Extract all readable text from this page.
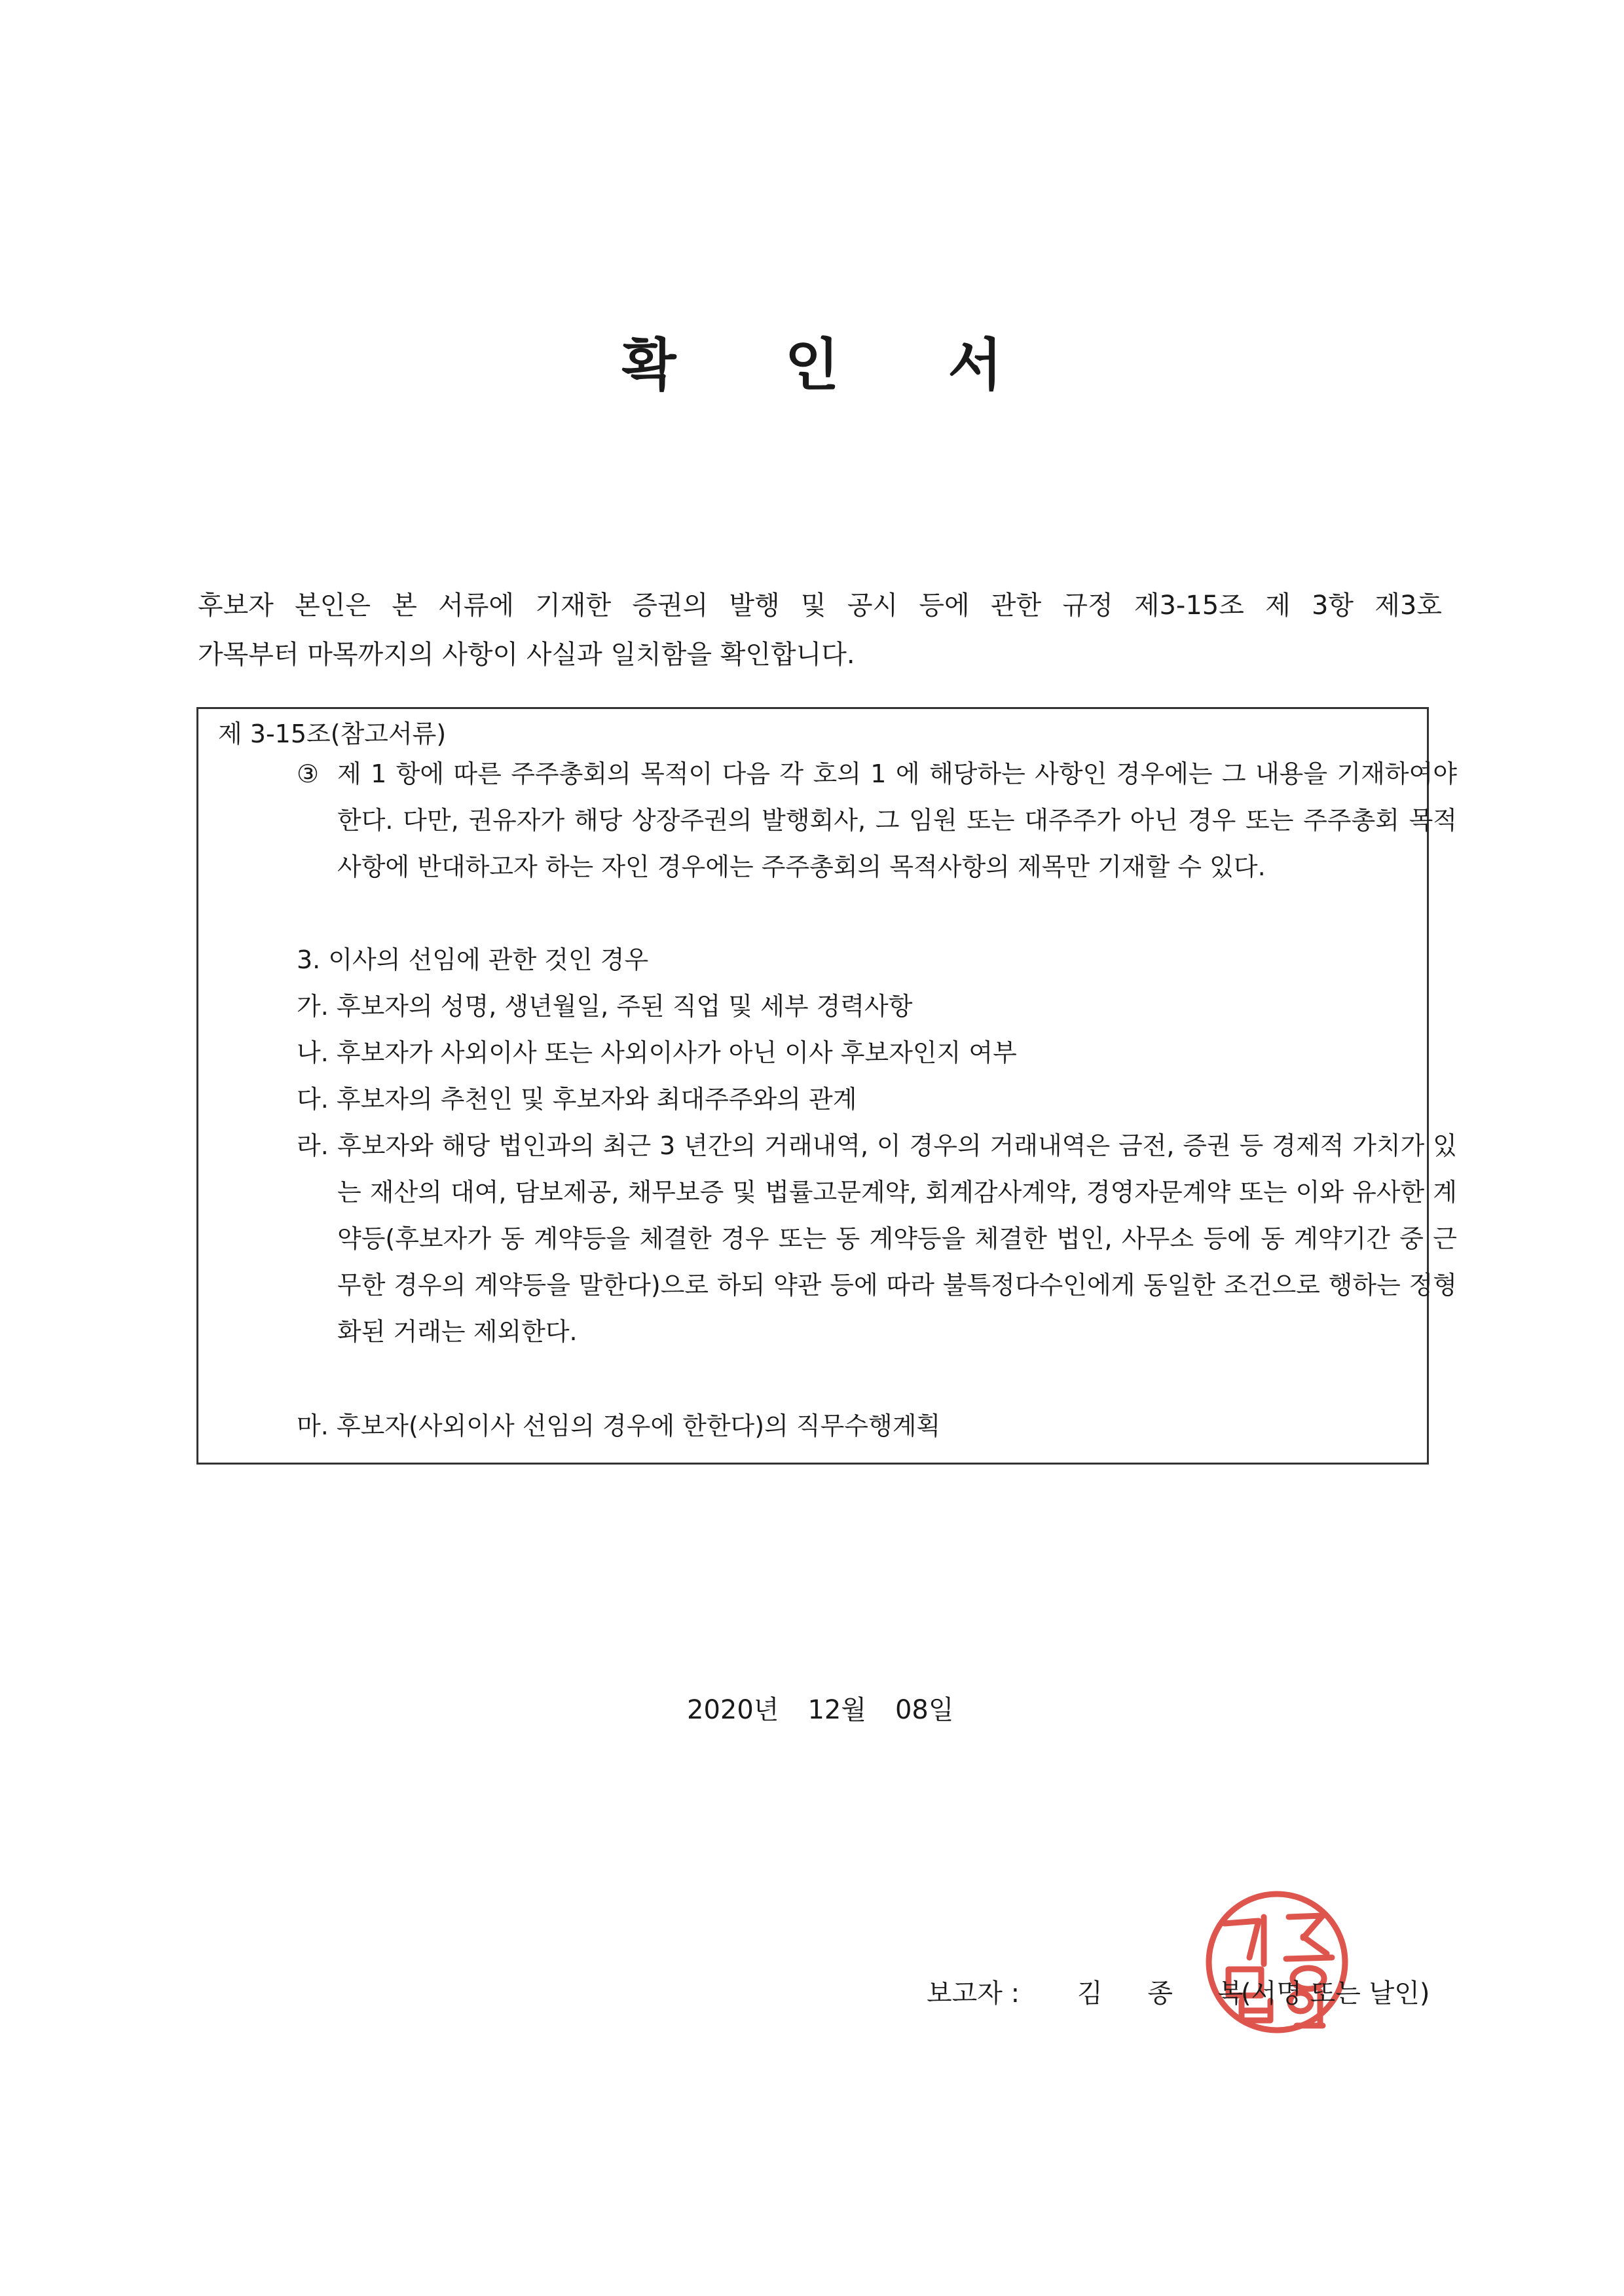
확 인 서
후보자 본인은 본 서류에 기재한 증권의 발행 및 공시 등에 관한 규정 제3-15조 제 3항 제3호
가목부터 마목까지의 사항이 사실과 일치함을 확인합니다.
제 3-15조(참고서류)
③ 제 1 항에 따른 주주총회의 목적이 다음 각 호의 1 에 해당하는 사항인 경우에는 그 내용을 기재하여야 한다. 다만, 권유자가 해당 상장주권의 발행회사, 그 임원 또는 대주주가 아닌 경우 또는 주주총회 목적사항에 반대하고자 하는 자인 경우에는 주주총회의 목적사항의 제목만 기재할 수 있다.
3. 이사의 선임에 관한 것인 경우
가. 후보자의 성명, 생년월일, 주된 직업 및 세부 경력사항
나. 후보자가 사외이사 또는 사외이사가 아닌 이사 후보자인지 여부
다. 후보자의 추천인 및 후보자와 최대주주와의 관계
라. 후보자와 해당 법인과의 최근 3 년간의 거래내역, 이 경우의 거래내역은 금전, 증권 등 경제적 가치가 있는 재산의 대여, 담보제공, 채무보증 및 법률고문계약, 회계감사계약, 경영자문계약 또는 이와 유사한 계약등(후보자가 동 계약등을 체결한 경우 또는 동 계약등을 체결한 법인, 사무소 등에 동 계약기간 중 근무한 경우의 계약등을 말한다)으로 하되 약관 등에 따라 불특정다수인에게 동일한 조건으로 행하는 정형화된 거래는 제외한다.
마. 후보자(사외이사 선임의 경우에 한한다)의 직무수행계획
2020년 12월 08일
보고자 : 김 종 복(서명 또는 날인)
